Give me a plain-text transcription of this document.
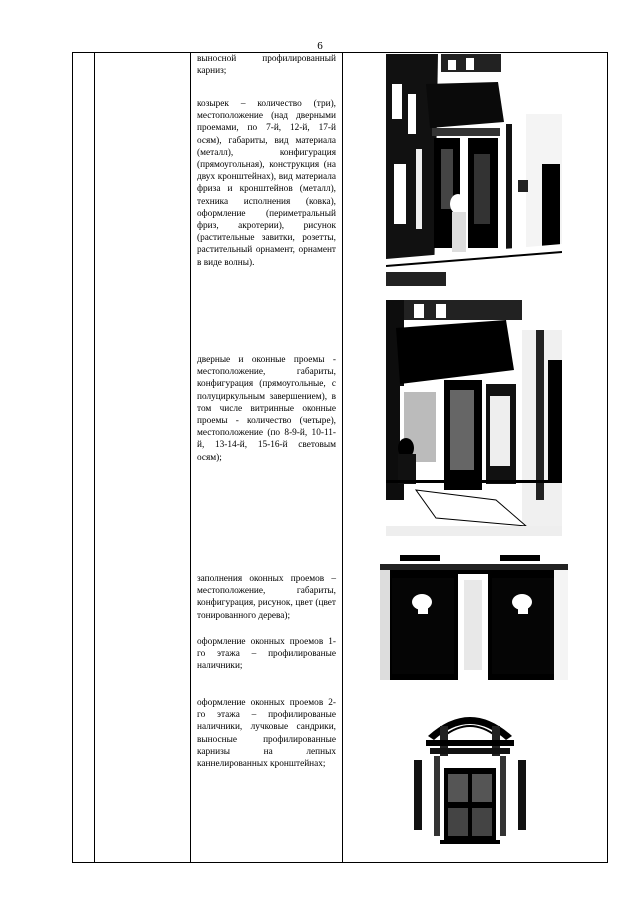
6

выносной профилированный карниз;

козырек – количество (три), местоположение (над дверными проемами, по 7-й, 12-й, 17-й осям), габариты, вид материала (металл), конфигурация (прямоугольная), конструкция (на двух кронштейнах), вид материала фриза и кронштейнов (металл), техника исполнения (ковка), оформление (периметральный фриз, акротерии), рисунок (растительные завитки, розетты, растительный орнамент, орнамент в виде волны).

дверные и оконные проемы - местоположение, габариты, конфигурация (прямоугольные, с полуциркульным завершением), в том числе витринные оконные проемы - количество (четыре), местоположение (по 8-9-й, 10-11-й, 13-14-й, 15-16-й световым осям);

заполнения оконных проемов – местоположение, габариты, конфигурация, рисунок, цвет (цвет тонированного дерева);

оформление оконных проемов 1-го этажа – профилированые наличники;

оформление оконных проемов 2-го этажа – профилированые наличники, лучковые сандрики, выносные профилированные карнизы на лепных каннелированных кронштейнах;
